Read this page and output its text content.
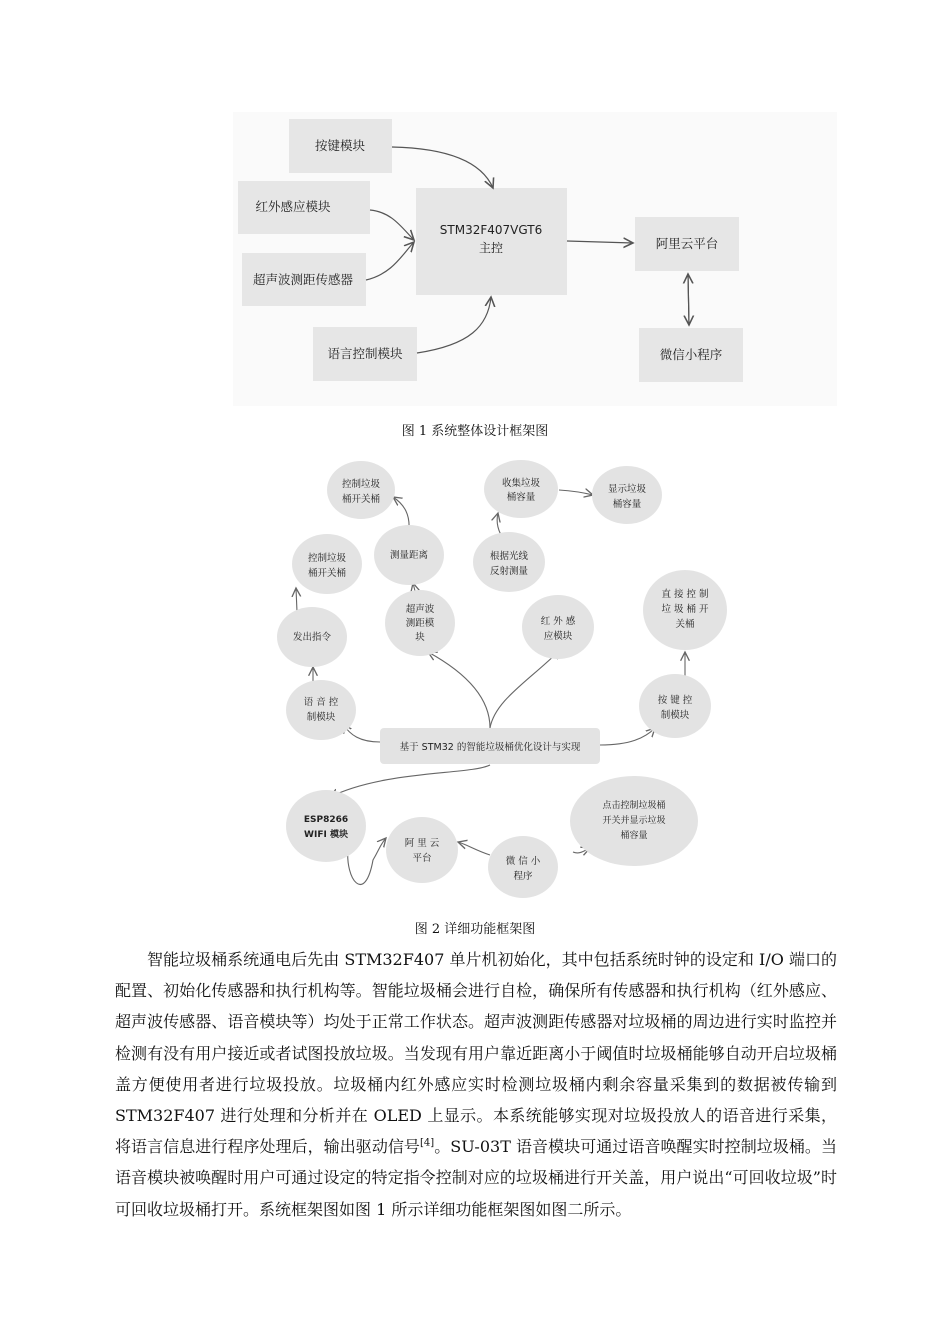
按键模块
红外感应模块
超声波测距传感器
语言控制模块
STM32F407VGT6
主控	阿里云平台
微信小程序
图 1 系统整体设计框架图
基于 STM32 的智能垃圾桶优化设计与实现
语 音 控
制模块
发出指令
控制垃圾
桶开关桶
控制垃圾
桶开关桶
测量距离
超声波
测距模
块
红 外 感
应模块
根据光线
反射测量
收集垃圾
桶容量
显示垃圾
桶容量
按 键 控
制模块
直 接 控 制
垃 圾 桶 开
关桶
ESP8266
WIFI 模块
阿 里 云
平台	微 信 小
程序
点击控制垃圾桶
开关并显示垃圾
桶容量
图 2 详细功能框架图

智能垃圾桶系统通电后先由 STM32F407 单片机初始化，其中包括系统时钟的设定和 I/O 端口的配置、初始化传感器和执行机构等。智能垃圾桶会进行自检，确保所有传感器和执行机构（红外感应、超声波传感器、语音模块等）均处于正常工作状态。超声波测距传感器对垃圾桶的周边进行实时监控并检测有没有用户接近或者试图投放垃圾。当发现有用户靠近距离小于阈值时垃圾桶能够自动开启垃圾桶盖方便使用者进行垃圾投放。垃圾桶内红外感应实时检测垃圾桶内剩余容量采集到的数据被传输到 STM32F407 进行处理和分析并在 OLED 上显示。本系统能够实现对垃圾投放人的语音进行采集，将语言信息进行程序处理后，输出驱动信号[4]。SU-03T 语音模块可通过语音唤醒实时控制垃圾桶。当语音模块被唤醒时用户可通过设定的特定指令控制对应的垃圾桶进行开关盖，用户说出“可回收垃圾”时可回收垃圾桶打开。系统框架图如图 1 所示详细功能框架图如图二所示。
